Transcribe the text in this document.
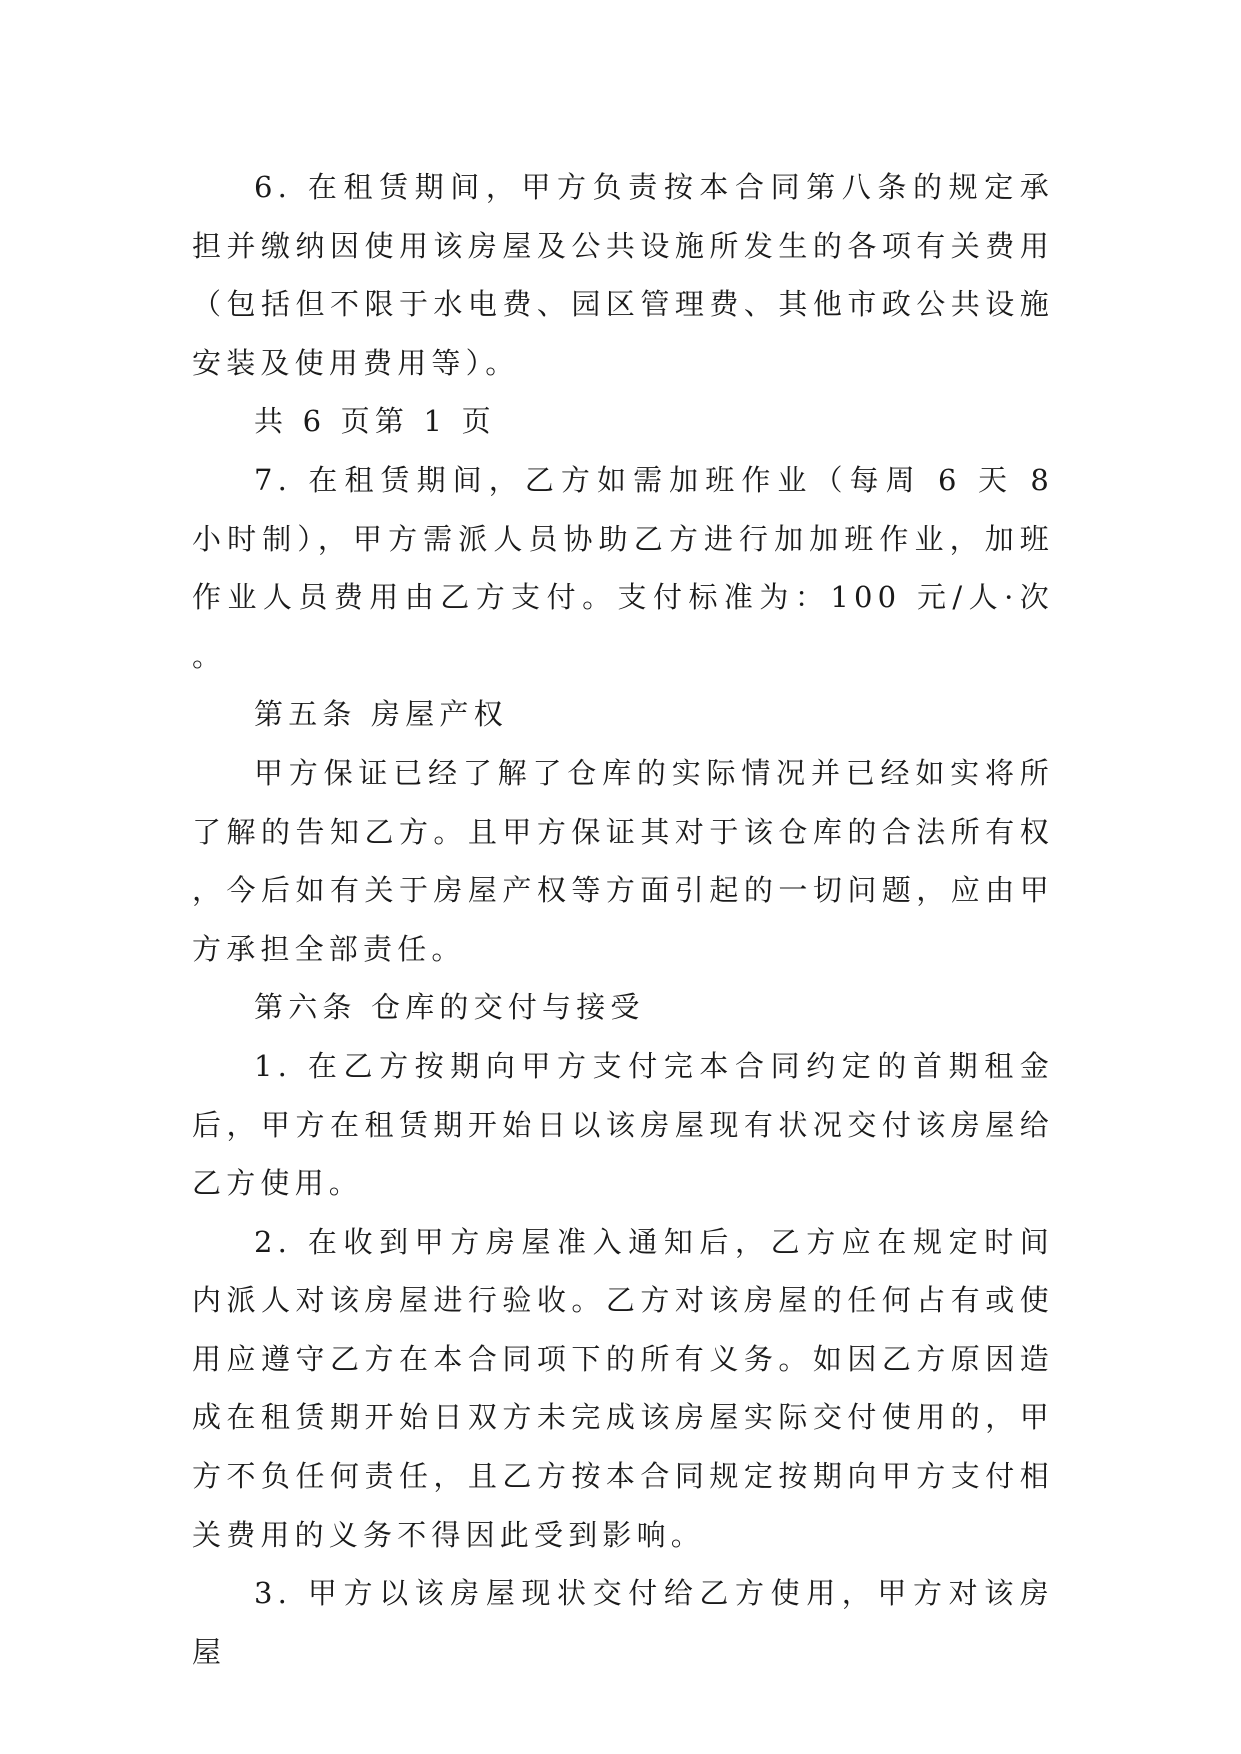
6. 在租赁期间，甲方负责按本合同第八条的规定承担并缴纳因使用该房屋及公共设施所发生的各项有关费用（包括但不限于水电费、园区管理费、其他市政公共设施安装及使用费用等）。

共 6 页第 1 页

7. 在租赁期间，乙方如需加班作业（每周 6 天 8 小时制），甲方需派人员协助乙方进行加加班作业，加班作业人员费用由乙方支付。支付标准为：100 元/人·次。

第五条 房屋产权

甲方保证已经了解了仓库的实际情况并已经如实将所了解的告知乙方。且甲方保证其对于该仓库的合法所有权，今后如有关于房屋产权等方面引起的一切问题，应由甲方承担全部责任。

第六条 仓库的交付与接受

1. 在乙方按期向甲方支付完本合同约定的首期租金后，甲方在租赁期开始日以该房屋现有状况交付该房屋给乙方使用。

2. 在收到甲方房屋准入通知后，乙方应在规定时间内派人对该房屋进行验收。乙方对该房屋的任何占有或使用应遵守乙方在本合同项下的所有义务。如因乙方原因造成在租赁期开始日双方未完成该房屋实际交付使用的，甲方不负任何责任，且乙方按本合同规定按期向甲方支付相关费用的义务不得因此受到影响。

3. 甲方以该房屋现状交付给乙方使用，甲方对该房屋
